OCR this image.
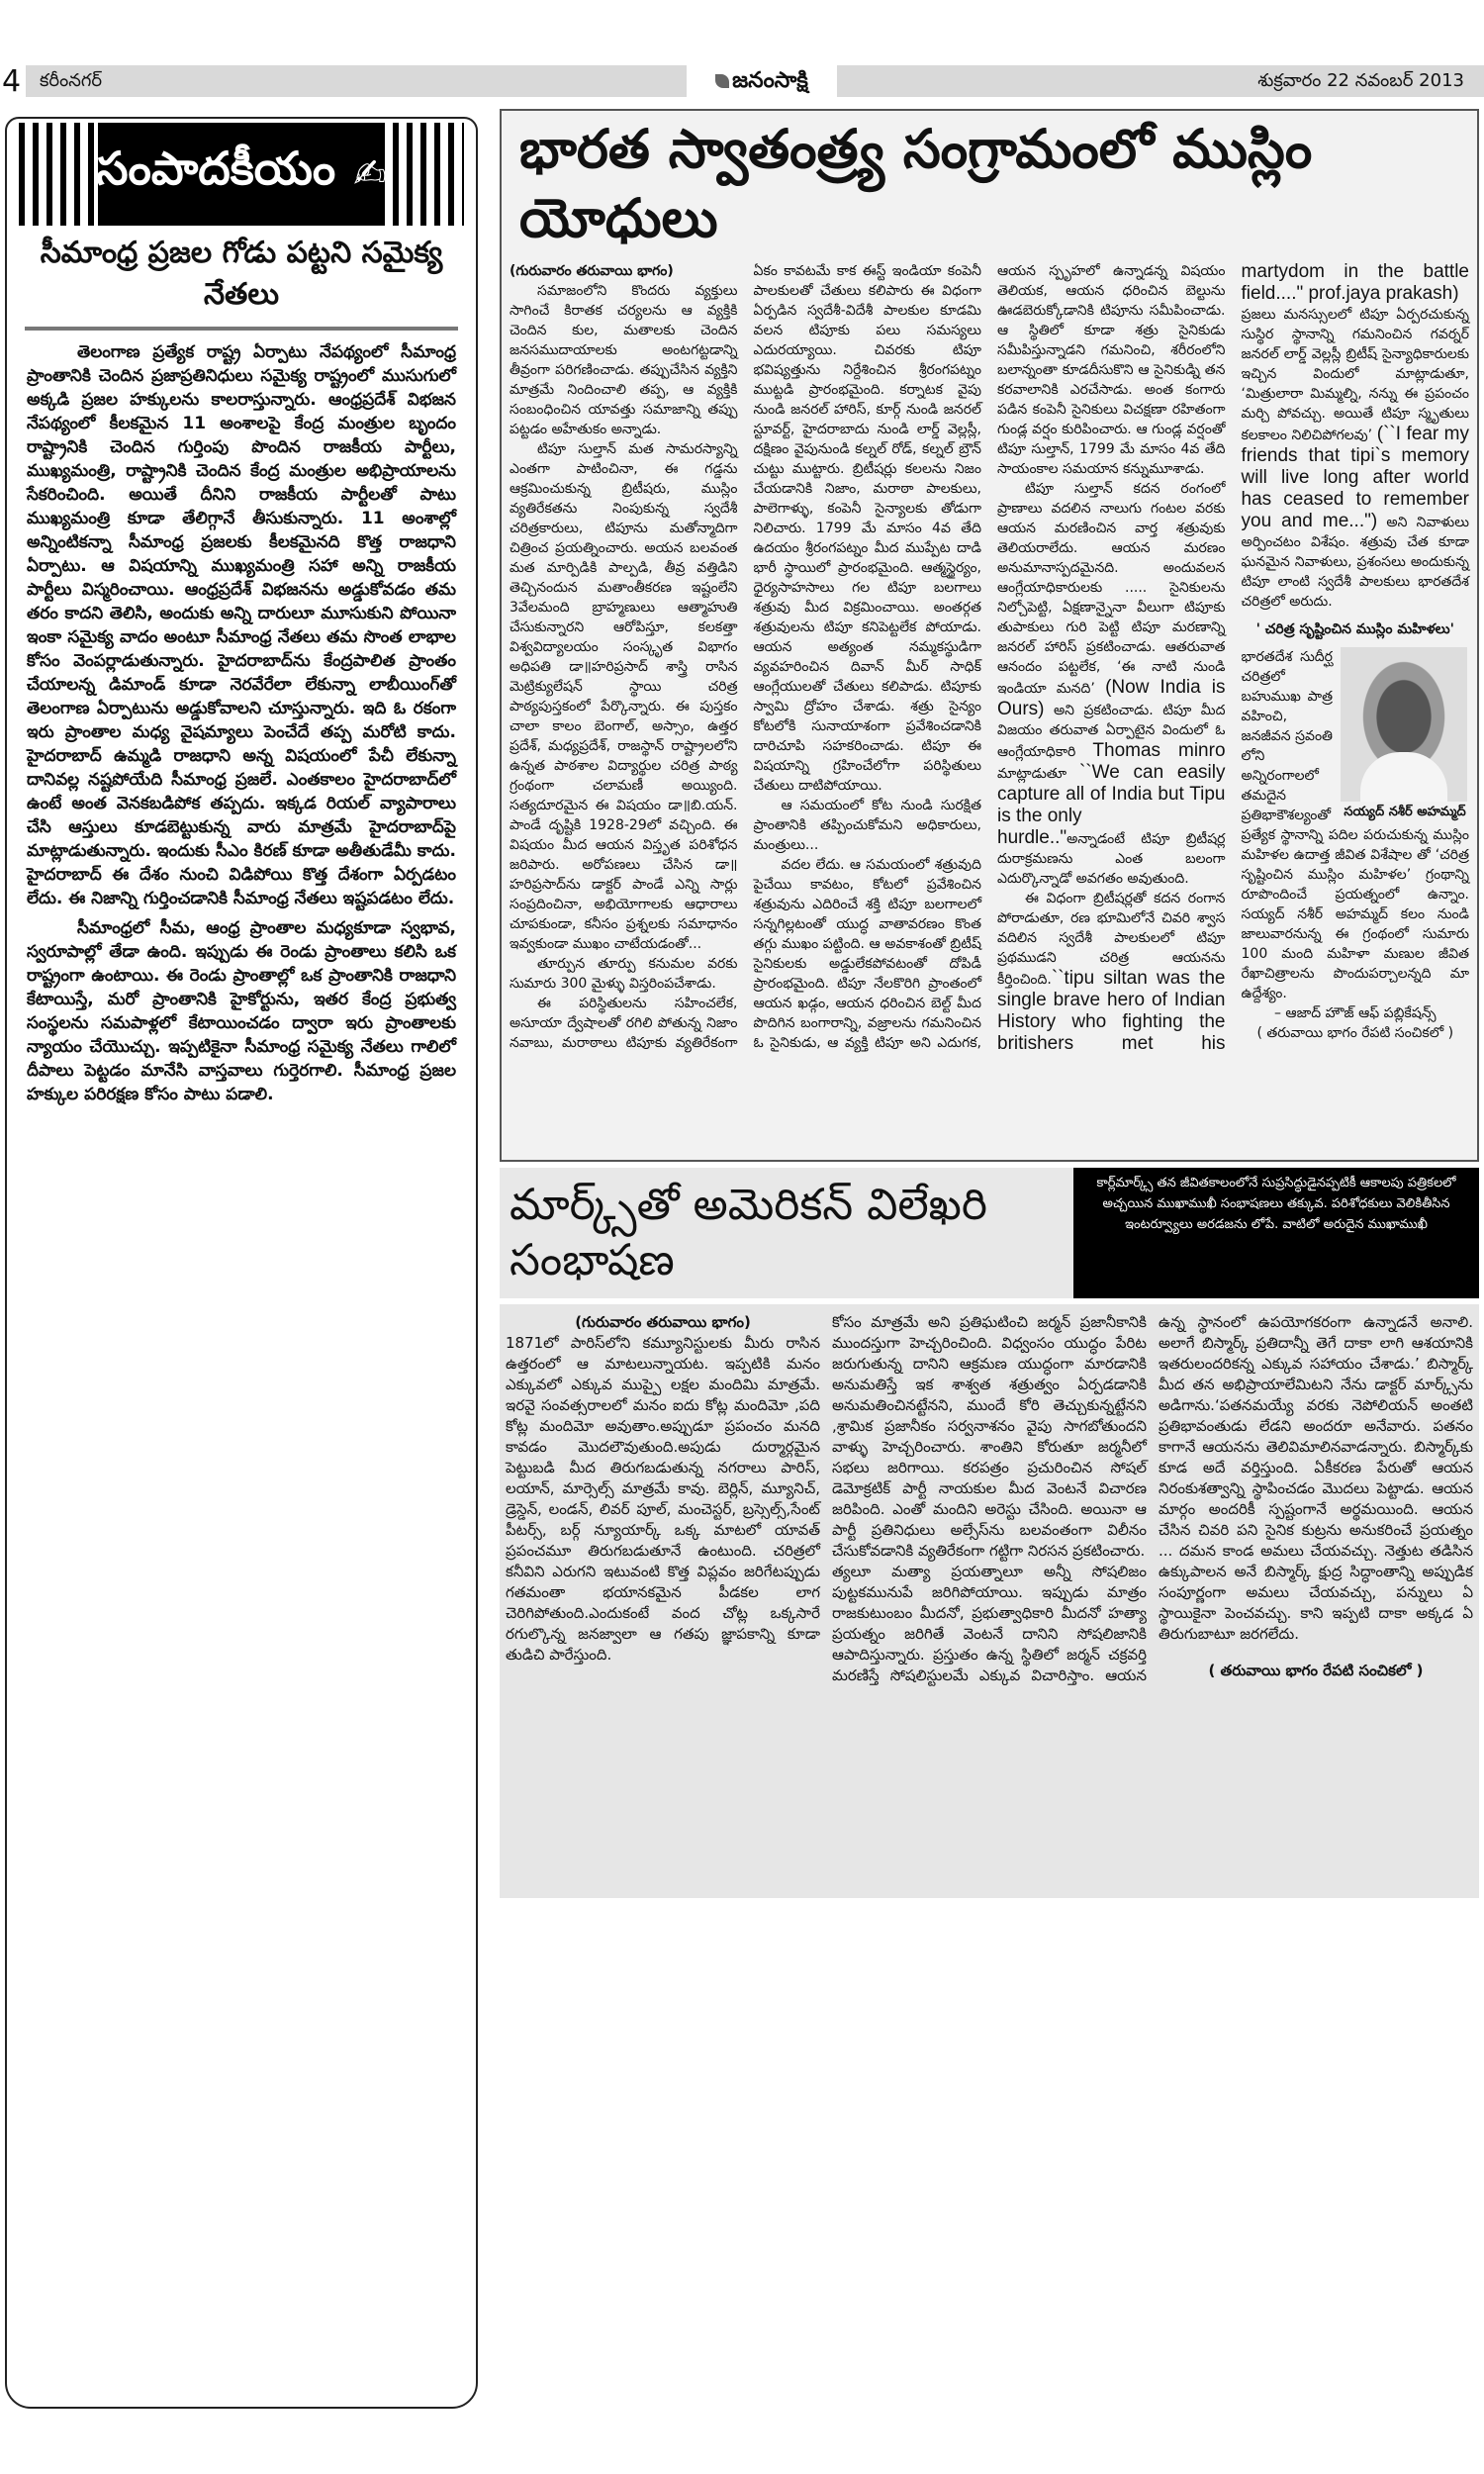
4 కరీంనగర్	జనంసాక్షి	శుక్రవారం 22 నవంబర్ 2013
సంపాదకీయం ✍
సీమాంధ్ర ప్రజల గోడు పట్టని సమైక్య నేతలు

తెలంగాణ ప్రత్యేక రాష్ట్ర ఏర్పాటు నేపథ్యంలో సీమాంధ్ర ప్రాంతానికి చెందిన ప్రజాప్రతినిధులు సమైక్య రాష్ట్రంలో ముసుగులో అక్కడి ప్రజల హక్కులను కాలరాస్తున్నారు. ఆంధ్రప్రదేశ్ విభజన నేపథ్యంలో కీలకమైన 11 అంశాలపై కేంద్ర మంత్రుల బృందం రాష్ట్రానికి చెందిన గుర్తింపు పొందిన రాజకీయ పార్టీలు, ముఖ్యమంత్రి, రాష్ట్రానికి చెందిన కేంద్ర మంత్రుల అభిప్రాయాలను సేకరించింది. అయితే దీనిని రాజకీయ పార్టీలతో పాటు ముఖ్యమంత్రి కూడా తేలిగ్గానే తీసుకున్నారు. 11 అంశాల్లో అన్నింటికన్నా సీమాంధ్ర ప్రజలకు కీలకమైనది కొత్త రాజధాని ఏర్పాటు. ఆ విషయాన్ని ముఖ్యమంత్రి సహా అన్ని రాజకీయ పార్టీలు విస్మరించాయి. ఆంధ్రప్రదేశ్ విభజనను అడ్డుకోవడం తమ తరం కాదని తెలిసి, అందుకు అన్ని దారులూ మూసుకుని పోయినా ఇంకా సమైక్య వాదం అంటూ సీమాంధ్ర నేతలు తమ సొంత లాభాల కోసం వెంపర్లాడుతున్నారు. హైదరాబాద్‌ను కేంద్రపాలిత ప్రాంతం చేయాలన్న డిమాండ్ కూడా నెరవేరేలా లేకున్నా లాబీయింగ్‌తో తెలంగాణ ఏర్పాటును అడ్డుకోవాలని చూస్తున్నారు. ఇది ఓ రకంగా ఇరు ప్రాంతాల మధ్య వైషమ్యాలు పెంచేదే తప్ప మరోటి కాదు. హైదరాబాద్ ఉమ్మడి రాజధాని అన్న విషయంలో పేచీ లేకున్నా దానివల్ల నష్టపోయేది సీమాంధ్ర ప్రజలే. ఎంతకాలం హైదరాబాద్‌లో ఉంటే అంత వెనకబడిపోక తప్పదు. ఇక్కడ రియల్ వ్యాపారాలు చేసి ఆస్తులు కూడబెట్టుకున్న వారు మాత్రమే హైదరాబాద్‌పై మాట్లాడుతున్నారు. ఇందుకు సీఎం కిరణ్ కూడా అతీతుడేమీ కాదు. హైదరాబాద్ ఈ దేశం నుంచి విడిపోయి కొత్త దేశంగా ఏర్పడటం లేదు. ఈ నిజాన్ని గుర్తించడానికి సీమాంధ్ర నేతలు ఇష్టపడటం లేదు.

సీమాంధ్రలో సీమ, ఆంధ్ర ప్రాంతాల మధ్యకూడా స్వభావ, స్వరూపాల్లో తేడా ఉంది. ఇప్పుడు ఈ రెండు ప్రాంతాలు కలిసి ఒక రాష్ట్రంగా ఉంటాయి. ఈ రెండు ప్రాంతాల్లో ఒక ప్రాంతానికి రాజధాని కేటాయిస్తే, మరో ప్రాంతానికి హైకోర్టును, ఇతర కేంద్ర ప్రభుత్వ సంస్థలను సమపాళ్లలో కేటాయించడం ద్వారా ఇరు ప్రాంతాలకు న్యాయం చేయొచ్చు. ఇప్పటికైనా సీమాంధ్ర సమైక్య నేతలు గాలిలో దీపాలు పెట్టడం మానేసి వాస్తవాలు గుర్తెరగాలి. సీమాంధ్ర ప్రజల హక్కుల పరిరక్షణ కోసం పాటు పడాలి.

భారత స్వాతంత్ర్య సంగ్రామంలో ముస్లిం యోధులు

(గురువారం తరువాయి భాగం)

సమాజంలోని కొందరు వ్యక్తులు సాగించే కిరాతక చర్యలను ఆ వ్యక్తికి చెందిన కుల, మతాలకు చెందిన జనసముదాయాలకు అంటగట్టడాన్ని తీవ్రంగా పరిగణించాడు. తప్పుచేసిన వ్యక్తిని మాత్రమే నిందించాలి తప్ప, ఆ వ్యక్తికి సంబంధించిన యావత్తు సమాజాన్ని తప్పు పట్టడం అహేతుకం అన్నాడు.

టిపూ సుల్తాన్ మత సామరస్యాన్ని ఎంతగా పాటించినా, ఈ గడ్డను ఆక్రమించుకున్న బ్రిటీషరు, ముస్లిం వ్యతిరేకతను నింపుకున్న స్వదేశీ చరిత్రకారులు, టిపూను మతోన్మాదిగా చిత్రించ ప్రయత్నించారు. అయన బలవంత మత మార్పిడికి పాల్పడి, తీవ్ర వత్తిడిని తెచ్చినందున మతాంతీకరణ ఇష్టంలేని 3వేలమంది బ్రాహ్మణులు ఆత్మాహుతి చేసుకున్నారని ఆరోపిస్తూ, కలకత్తా విశ్వవిద్యాలయం సంస్కృత విభాగం అధిపతి డా॥హరిప్రసాద్ శాస్త్రి రాసిన మెట్రిక్యులేషన్ స్థాయి చరిత్ర పాఠ్యపుస్తకంలో పేర్కొన్నారు. ఈ పుస్తకం చాలా కాలం బెంగాల్, అస్సాం, ఉత్తర ప్రదేశ్, మధ్యప్రదేశ్, రాజస్థాన్ రాష్ట్రాలలోని ఉన్నత పాఠశాల విద్యార్థుల చరిత్ర పాఠ్య గ్రంథంగా చలామణీ అయ్యింది. సత్యదూరమైన ఈ విషయం డా॥బి.యన్. పాండే దృష్టికి 1928-29లో వచ్చింది. ఈ విషయం మీద ఆయన విస్తృత పరిశోధన జరిపారు. అరోపణలు చేసిన డా॥హరిప్రసాద్‌ను డాక్టర్ పాండే ఎన్ని సార్లు సంప్రదించినా, అభియోగాలకు ఆధారాలు చూపకుండా, కనీసం ప్రశ్నలకు సమాధానం ఇవ్వకుండా ముఖం చాటేయడంతో...

తూర్పున తూర్పు కనుమల వరకు సుమారు 300 మైళ్ళు విస్తరింపచేశాడు.

ఈ పరిస్థితులను సహించలేక, అసూయా ద్వేషాలతో రగిలి పోతున్న నిజాం నవాబు, మరాఠాలు టిపూకు వ్యతిరేకంగా ఏకం కావటమే కాక ఈస్ట్ ఇండియా కంపెనీ పాలకులతో చేతులు కలిపారు ఈ విధంగా ఏర్పడిన స్వదేశీ-విదేశీ పాలకుల కూడమి వలన టిపూకు పలు సమస్యలు ఎదురయ్యాయి. చివరకు టిపూ భవిష్యత్తును నిర్దేశించిన శ్రీరంగపట్నం ముట్టడి ప్రారంభమైంది. కర్నాటక వైపు నుండి జనరల్ హారిస్, కూర్గ్ నుండి జనరల్ స్టూవర్ట్, హైదరాబాదు నుండి లార్డ్ వెల్లస్లీ, దక్షిణం వైపునుండి కల్నల్ రోడ్, కల్నల్ బ్రౌన్ చుట్టు ముట్టారు. బ్రిటీషర్లు కలలను నిజం చేయడానికి నిజాం, మరాఠా పాలకులు, పాలెగాళ్ళు, కంపెనీ సైన్యాలకు తోడుగా నిలిచారు. 1799 మే మాసం 4వ తేది ఉదయం శ్రీరంగపట్నం మీద ముప్పేట దాడి భారీ స్థాయిలో ప్రారంభమైంది. ఆత్మస్థైర్యం, ధైర్యసాహసాలు గల టిపూ బలగాలు శత్రువు మీద విక్రమించాయి. అంతర్గత శత్రువులను టిపూ కనిపెట్టలేక పోయాడు. ఆయన అత్యంత నమ్మకస్థుడిగా వ్యవహరించిన దివాన్ మీర్ సాధిక్ ఆంగ్లేయులతో చేతులు కలిపాడు. టిపూకు స్వామి ద్రోహం చేశాడు. శత్రు సైన్యం కోటలోకి సునాయాశంగా ప్రవేశించడానికి దారిచూపి సహకరించాడు. టిపూ ఈ విషయాన్ని గ్రహించేలోగా పరిస్థితులు చేతులు దాటిపోయాయి.

ఆ సమయంలో కోట నుండి సురక్షిత ప్రాంతానికి తప్పించుకోమని అధికారులు, మంత్రులు...

వదల లేదు. ఆ సమయంలో శత్రువుది పైచేయి కావటం, కోటలో ప్రవేశించిన శత్రువును ఎదిరించే శక్తి టిపూ బలగాలలో సన్నగిల్లటంతో యుద్ధ వాతావరణం కొంత తగ్గు ముఖం పట్టింది. ఆ అవకాశంతో బ్రిటీష్ సైనికులకు అడ్డులేకపోవటంతో దోపిడీ ప్రారంభమైంది. టిపూ నేలకొరిగి ప్రాంతంలో ఆయన ఖడ్గం, ఆయన ధరించిన బెల్ట్ మీద పొదిగిన బంగారాన్ని, వజ్రాలను గమనించిన ఓ సైనికుడు, ఆ వ్యక్తి టిపూ అని ఎదుగక, ఆయన స్పృహలో ఉన్నాడన్న విషయం తెలియక, ఆయన ధరించిన బెల్టును ఊడబెరుక్కోడానికి టిపూను సమీపించాడు. ఆ స్థితిలో కూడా శత్రు సైనికుడు సమీపిస్తున్నాడని గమనించి, శరీరంలోని బలాన్నంతా కూడదీసుకొని ఆ సైనికుడ్ని తన కరవాలానికి ఎరచేసాడు. అంత కంగారు పడిన కంపెనీ సైనికులు విచక్షణా రహితంగా గుండ్ల వర్షం కురిపించారు. ఆ గుండ్ల వర్షంతో టిపూ సుల్తాన్, 1799 మే మాసం 4వ తేది సాయంకాల సమయాన కన్నుమూశాడు.

టిపూ సుల్తాన్ కదన రంగంలో ప్రాణాలు వదలిన నాలుగు గంటల వరకు ఆయన మరణించిన వార్త శత్రువుకు తెలియరాలేదు. ఆయన మరణం అనుమానాస్పదమైనది. అందువలన ఆంగ్లేయాధికారులకు ..... సైనికులను నిల్చోపెట్టి, ఏక్షణాన్నైనా వీలుగా టిపూకు తుపాకులు గురి పెట్టి టిపూ మరణాన్ని జనరల్ హారిస్ ప్రకటించాడు. ఆతరువాత ఆనందం పట్టలేక, ‘ఈ నాటి నుండి ఇండియా మనది’ (Now India is Ours) అని ప్రకటించాడు. టిపూ మీద విజయం తరువాత ఏర్పాటైన విందులో ఓ ఆంగ్లేయాధికారి Thomas minro మాట్లాడుతూ ``We can easily capture all of India but Tipu is the only

hurdle.."అన్నాడంటే టిపూ బ్రిటీషర్ల దురాక్రమణను ఎంత బలంగా ఎదుర్కొన్నాడో అవగతం అవుతుంది.

ఈ విధంగా బ్రిటీషర్లతో కదన రంగాన పోరాడుతూ, రణ భూమిలోనే చివరి శ్వాస వదిలిన స్వదేశీ పాలకులలో టిపూ ప్రథముడని చరిత్ర ఆయనను కీర్తించింది.``tipu siltan was the single brave hero of Indian History who fighting the britishers met his martydom in the battle field...." prof.jaya prakash)

ప్రజలు మనస్సులలో టిపూ ఏర్పరచుకున్న సుస్థిర స్థానాన్ని గమనించిన గవర్నర్ జనరల్ లార్డ్ వెల్లస్లీ బ్రిటీష్ సైన్యాధికారులకు ఇచ్చిన విందులో మాట్లాడుతూ, ‘మిత్రులారా మిమ్మల్ని, నన్ను ఈ ప్రపంచం మర్చి పోవచ్చు. అయితే టిపూ స్మృతులు కలకాలం నిలిచిపోగలవు’ (``I fear my friends that tipi`s memory will live long after world has ceased to remember you and me...") అని నివాళులు అర్పించటం విశేషం. శత్రువు చేత కూడా ఘనమైన నివాళులు, ప్రశంసలు అందుకున్న టిపూ లాంటి స్వదేశీ పాలకులు భారతదేశ చరిత్రలో అరుదు.

' చరిత్ర సృష్టించిన ముస్లిం మహిళలు'

సయ్యద్ నశీర్ అహమ్మద్

భారతదేశ సుదీర్ఘ చరిత్రలో బహుముఖ పాత్ర వహించి, జనజీవన స్రవంతి లోని అన్నిరంగాలలో తమదైన ప్రతిభాకౌశల్యంతో ప్రత్యేక స్థానాన్ని పదిల పరుచుకున్న ముస్లిం మహిళల ఉదాత్త జీవిత విశేషాల తో ‘చరిత్ర సృష్టించిన ముస్లిం మహిళల’ గ్రంథాన్ని రూపొందించే ప్రయత్నంలో ఉన్నాం. సయ్యద్ నశీర్ అహమ్మద్ కలం నుండి జాలువారనున్న ఈ గ్రంథంలో సుమారు 100 మంది మహిళా మణుల జీవిత రేఖాచిత్రాలను పొందుపర్చాలన్నది మా ఉద్దేశ్యం.

– ఆజాద్ హౌజ్ ఆఫ్ పబ్లికేషన్స్

( తరువాయి భాగం రేపటి సంచికలో )

మార్క్స్‌తో అమెరికన్ విలేఖరి సంభాషణ
కార్ల్‌మార్క్స్ తన జీవితకాలంలోనే సుప్రసిద్ధుడైనప్పటికీ ఆకాలపు పత్రికలలో అచ్చయిన ముఖాముఖీ సంభాషణలు తక్కువ. పరిశోధకులు వెలికితీసిన ఇంటర్వ్యూలు అరడజను లోపే. వాటిలో అరుదైన ముఖాముఖీ

(గురువారం తరువాయి భాగం)

1871లో పారిస్‌లోని కమ్యూనిస్టులకు మీరు రాసిన ఉత్తరంలో ఆ మాటలున్నాయట. ఇప్పటికి మనం ఎక్కువలో ఎక్కువ ముప్పై లక్షల మందిమి మాత్రమే. ఇరవై సంవత్సరాలలో మనం ఐదు కోట్ల మందిమో ,పది కోట్ల మందిమో అవుతాం.అప్పుడూ ప్రపంచం మనది కావడం మొదలౌవుతుంది.అపుడు దుర్మార్గమైన పెట్టుబడి మీద తిరుగబడుతున్న నగరాలు పారిస్, లయాన్, మార్సెల్స్ మాత్రమే కావు. బెర్లిన్, మ్యూనిచ్, డ్రెస్డెన్, లండన్, లివర్ పూల్, మంచెస్టర్, బ్రస్సెల్స్,సేంట్ పీటర్స్, బర్గ్ న్యూయార్క్ ఒక్క మాటలో యావత్ ప్రపంచమూ తిరుగబడుతూనే ఉంటుంది. చరిత్రలో కనీవిని ఎరుగని ఇటువంటి కొత్త విప్లవం జరిగేటప్పుడు గతమంతా భయానకమైన పీడకల లాగ చెరిగిపోతుంది.ఎందుకంటే వంద చోట్ల ఒక్కసారే రగుల్కొన్న జనజ్వాలా ఆ గతపు జ్ఞాపకాన్ని కూడా తుడిచి పారేస్తుంది.

కోసం మాత్రమే అని ప్రతిఘటించి జర్మన్ ప్రజానీకానికి ముందస్తుగా హెచ్చరించింది. విధ్వంసం యుద్ధం పేరిట జరుగుతున్న దానిని ఆక్రమణ యుద్ధంగా మారడానికి అనుమతిస్తే ఇక శాశ్వత శత్రుత్వం ఏర్పడడానికి అనుమతించినట్టేనని, ముందే కోరి తెచ్చుకున్నట్టేనని ,శ్రామిక ప్రజానీకం సర్వనాశనం వైపు సాగబోతుందని వాళ్ళు హెచ్చరించారు. శాంతిని కోరుతూ జర్మనీలో సభలు జరిగాయి. కరపత్రం ప్రచురించిన సోషల్ డెమోక్రటిక్ పార్టీ నాయకుల మీద వెంటనే విచారణ జరిపింది. ఎంతో మందిని అరెస్టు చేసింది. అయినా ఆ పార్టీ ప్రతినిధులు అల్సేస్‌ను బలవంతంగా విలీనం చేసుకోవడానికి వ్యతిరేకంగా గట్టిగా నిరసన ప్రకటించారు.

త్యలూ మత్యా ప్రయత్నాలూ అన్నీ సోషలిజం పుట్టకమునుపే జరిగిపోయాయి. ఇప్పుడు మాత్రం రాజకుటుంబం మీదనో, ప్రభుత్వాధికారి మీదనో హత్యా ప్రయత్నం జరిగితే వెంటనే దానిని సోషలిజానికి ఆపాదిస్తున్నారు. ప్రస్తుతం ఉన్న స్థితిలో జర్మన్ చక్రవర్తి మరణిస్తే సోషలిస్టులమే ఎక్కువ విచారిస్తాం. ఆయన ఉన్న స్థానంలో ఉపయోగకరంగా ఉన్నాడనే అనాలి. అలాగే బిస్మార్క్ ప్రతిదాన్నీ తెగే దాకా లాగి ఆశయానికి ఇతరులందరికన్న ఎక్కువ సహాయం చేశాడు.’ బిస్మార్క్ మీద తన అభిప్రాయాలేమిటని నేను డాక్టర్ మార్క్స్‌ను అడిగాను.‘పతనమయ్యే వరకు నెపోలియన్ అంతటి ప్రతిభావంతుడు లేడని అందరూ అనేవారు. పతనం కాగానే ఆయనను తెలివిమాలినవాడన్నారు. బిస్మార్క్‌కు కూడ అదే వర్తిస్తుంది. ఏకీకరణ పేరుతో ఆయన నిరంకుశత్వాన్ని స్థాపించడం మొదలు పెట్టాడు. ఆయన మార్గం అందరికీ స్పష్టంగానే అర్థమయింది. ఆయన చేసిన చివరి పని సైనిక కుట్రను అనుకరించే ప్రయత్నం ... దమన కాండ అమలు చేయవచ్చు. నెత్తుట తడిసిన ఉక్కుపాలన అనే బిస్మార్క్ క్షుద్ర సిద్ధాంతాన్ని అప్పుడిక సంపూర్ణంగా అమలు చేయవచ్చు, పన్నులు ఏ స్థాయికైనా పెంచవచ్చు. కాని ఇప్పటి దాకా అక్కడ ఏ తిరుగుబాటూ జరగలేదు.

( తరువాయి భాగం రేపటి సంచికలో )
